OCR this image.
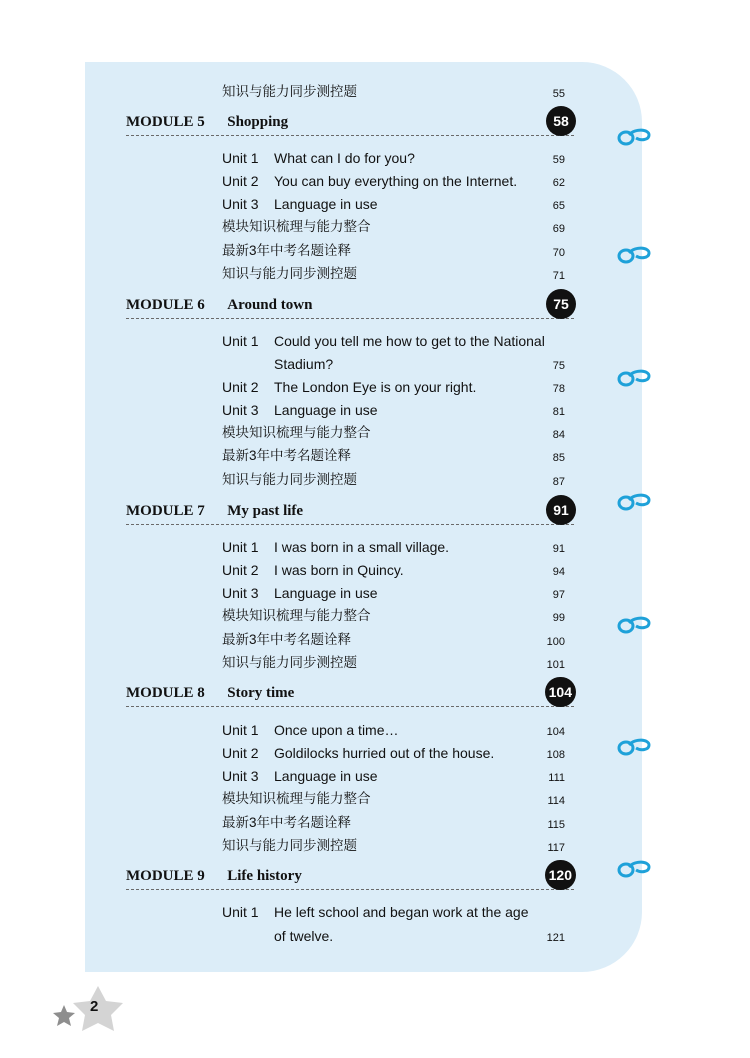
知识与能力同步测控题	55
MODULE 5  Shopping	58
Unit 1 What can I do for you?	59
Unit 2 You can buy everything on the Internet.	62
Unit 3 Language in use	65
模块知识梳理与能力整合	69
最新3年中考名题诠释	70
知识与能力同步测控题	71
MODULE 6  Around town	75
Unit 1 Could you tell me how to get to the National
Stadium?	75
Unit 2 The London Eye is on your right.	78
Unit 3 Language in use	81
模块知识梳理与能力整合	84
最新3年中考名题诠释	85
知识与能力同步测控题	87
MODULE 7  My past life	91
Unit 1 I was born in a small village.	91
Unit 2 I was born in Quincy.	94
Unit 3 Language in use	97
模块知识梳理与能力整合	99
最新3年中考名题诠释	100
知识与能力同步测控题	101
MODULE 8  Story time	104
Unit 1 Once upon a time…	104
Unit 2 Goldilocks hurried out of the house.	108
Unit 3 Language in use	111
模块知识梳理与能力整合	114
最新3年中考名题诠释	115
知识与能力同步测控题	117
MODULE 9  Life history	120
Unit 1 He left school and began work at the age
of twelve.	121
2
